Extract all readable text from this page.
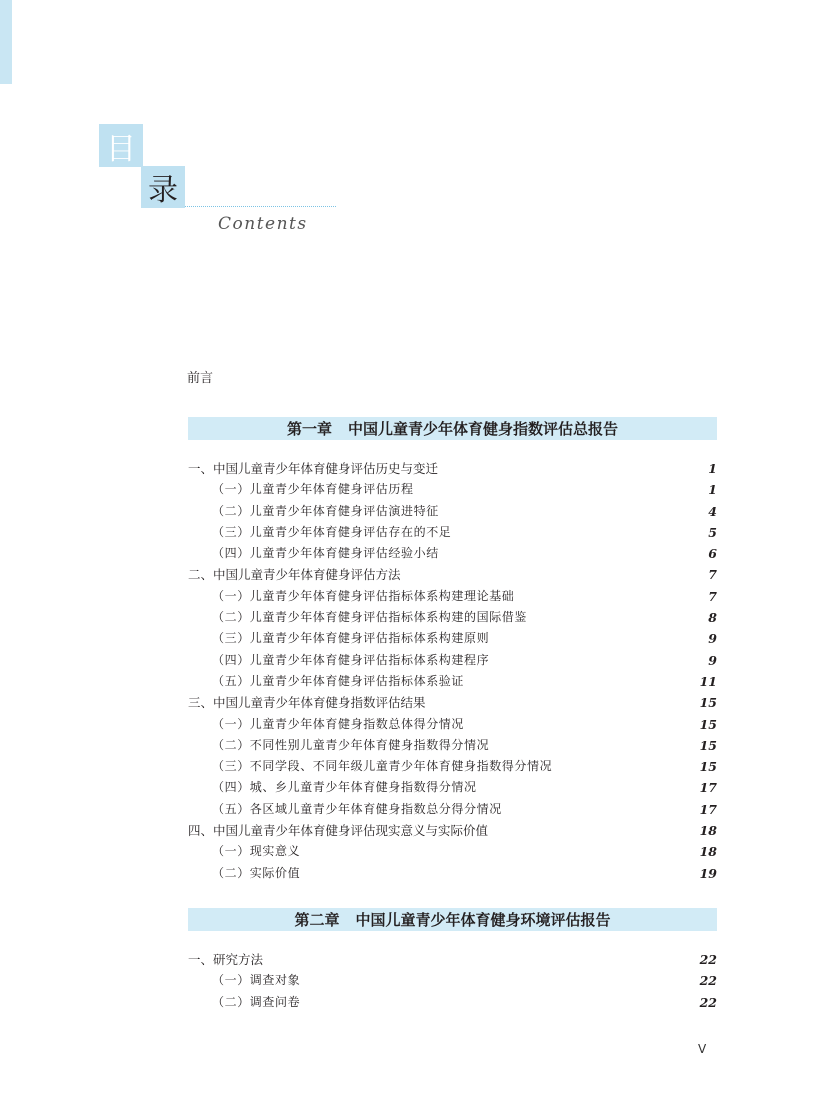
目
录
Contents
前言
第一章 中国儿童青少年体育健身指数评估总报告
一、中国儿童青少年体育健身评估历史与变迁	1
（一）儿童青少年体育健身评估历程	1
（二）儿童青少年体育健身评估演进特征	4
（三）儿童青少年体育健身评估存在的不足	5
（四）儿童青少年体育健身评估经验小结	6
二、中国儿童青少年体育健身评估方法	7
（一）儿童青少年体育健身评估指标体系构建理论基础	7
（二）儿童青少年体育健身评估指标体系构建的国际借鉴	8
（三）儿童青少年体育健身评估指标体系构建原则	9
（四）儿童青少年体育健身评估指标体系构建程序	9
（五）儿童青少年体育健身评估指标体系验证	11
三、中国儿童青少年体育健身指数评估结果	15
（一）儿童青少年体育健身指数总体得分情况	15
（二）不同性别儿童青少年体育健身指数得分情况	15
（三）不同学段、不同年级儿童青少年体育健身指数得分情况	15
（四）城、乡儿童青少年体育健身指数得分情况	17
（五）各区域儿童青少年体育健身指数总分得分情况	17
四、中国儿童青少年体育健身评估现实意义与实际价值	18
（一）现实意义	18
（二）实际价值	19
第二章 中国儿童青少年体育健身环境评估报告
一、研究方法	22
（一）调查对象	22
（二）调查问卷	22
V
